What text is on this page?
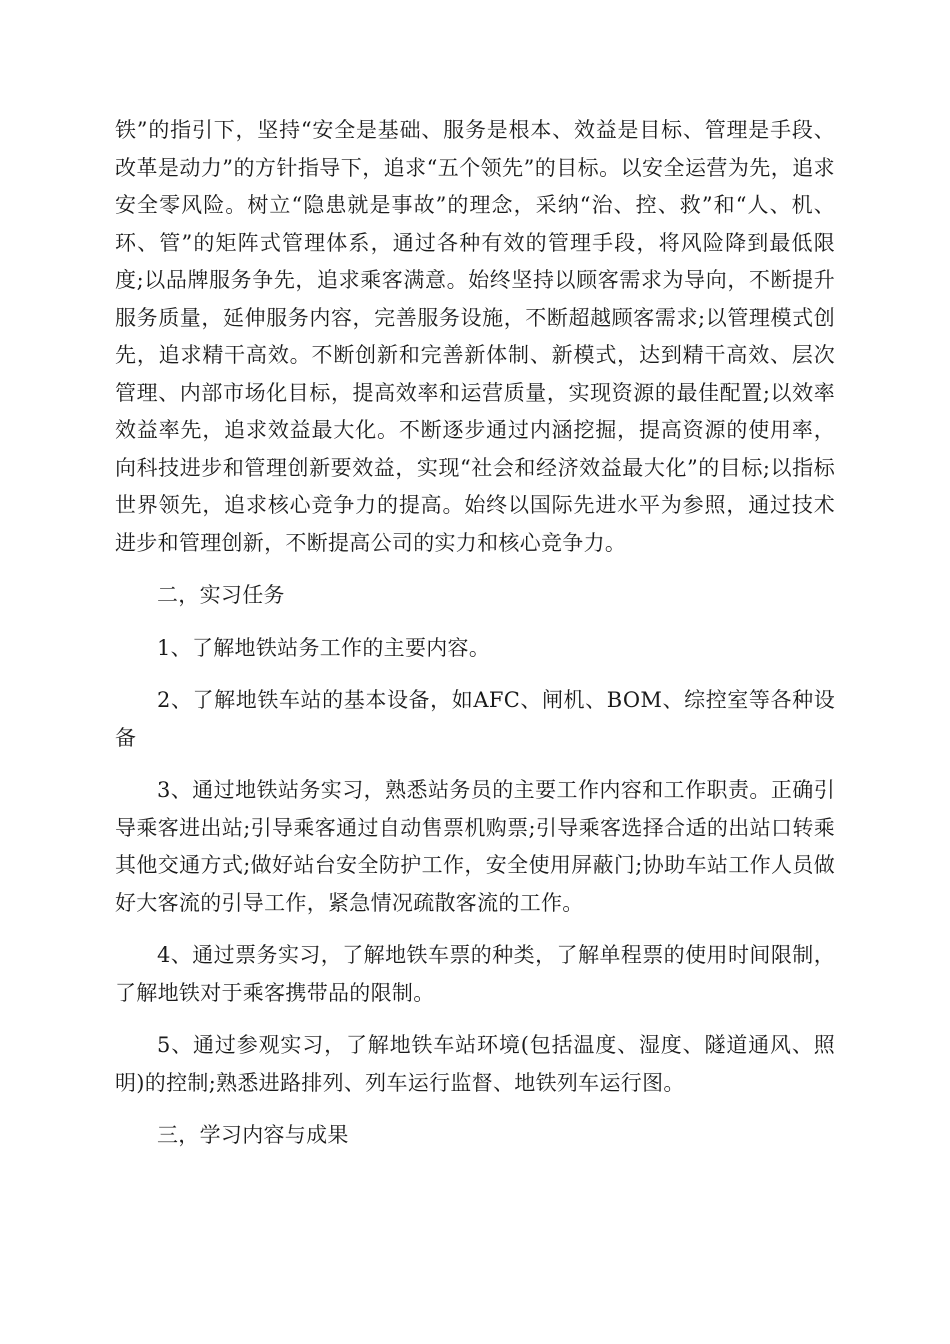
铁”的指引下，坚持“安全是基础、服务是根本、效益是目标、管理是手段、改革是动力”的方针指导下，追求“五个领先”的目标。以安全运营为先，追求安全零风险。树立“隐患就是事故”的理念，采纳“治、控、救”和“人、机、环、管”的矩阵式管理体系，通过各种有效的管理手段，将风险降到最低限度;以品牌服务争先，追求乘客满意。始终坚持以顾客需求为导向，不断提升服务质量，延伸服务内容，完善服务设施，不断超越顾客需求;以管理模式创先，追求精干高效。不断创新和完善新体制、新模式，达到精干高效、层次管理、内部市场化目标，提高效率和运营质量，实现资源的最佳配置;以效率效益率先，追求效益最大化。不断逐步通过内涵挖掘，提高资源的使用率，向科技进步和管理创新要效益，实现“社会和经济效益最大化”的目标;以指标世界领先，追求核心竞争力的提高。始终以国际先进水平为参照，通过技术进步和管理创新，不断提高公司的实力和核心竞争力。

二，实习任务

1、了解地铁站务工作的主要内容。

2、了解地铁车站的基本设备，如AFC、闸机、BOM、综控室等各种设备

3、通过地铁站务实习，熟悉站务员的主要工作内容和工作职责。正确引导乘客进出站;引导乘客通过自动售票机购票;引导乘客选择合适的出站口转乘其他交通方式;做好站台安全防护工作，安全使用屏蔽门;协助车站工作人员做好大客流的引导工作，紧急情况疏散客流的工作。

4、通过票务实习，了解地铁车票的种类，了解单程票的使用时间限制，了解地铁对于乘客携带品的限制。

5、通过参观实习，了解地铁车站环境(包括温度、湿度、隧道通风、照明)的控制;熟悉进路排列、列车运行监督、地铁列车运行图。

三，学习内容与成果
